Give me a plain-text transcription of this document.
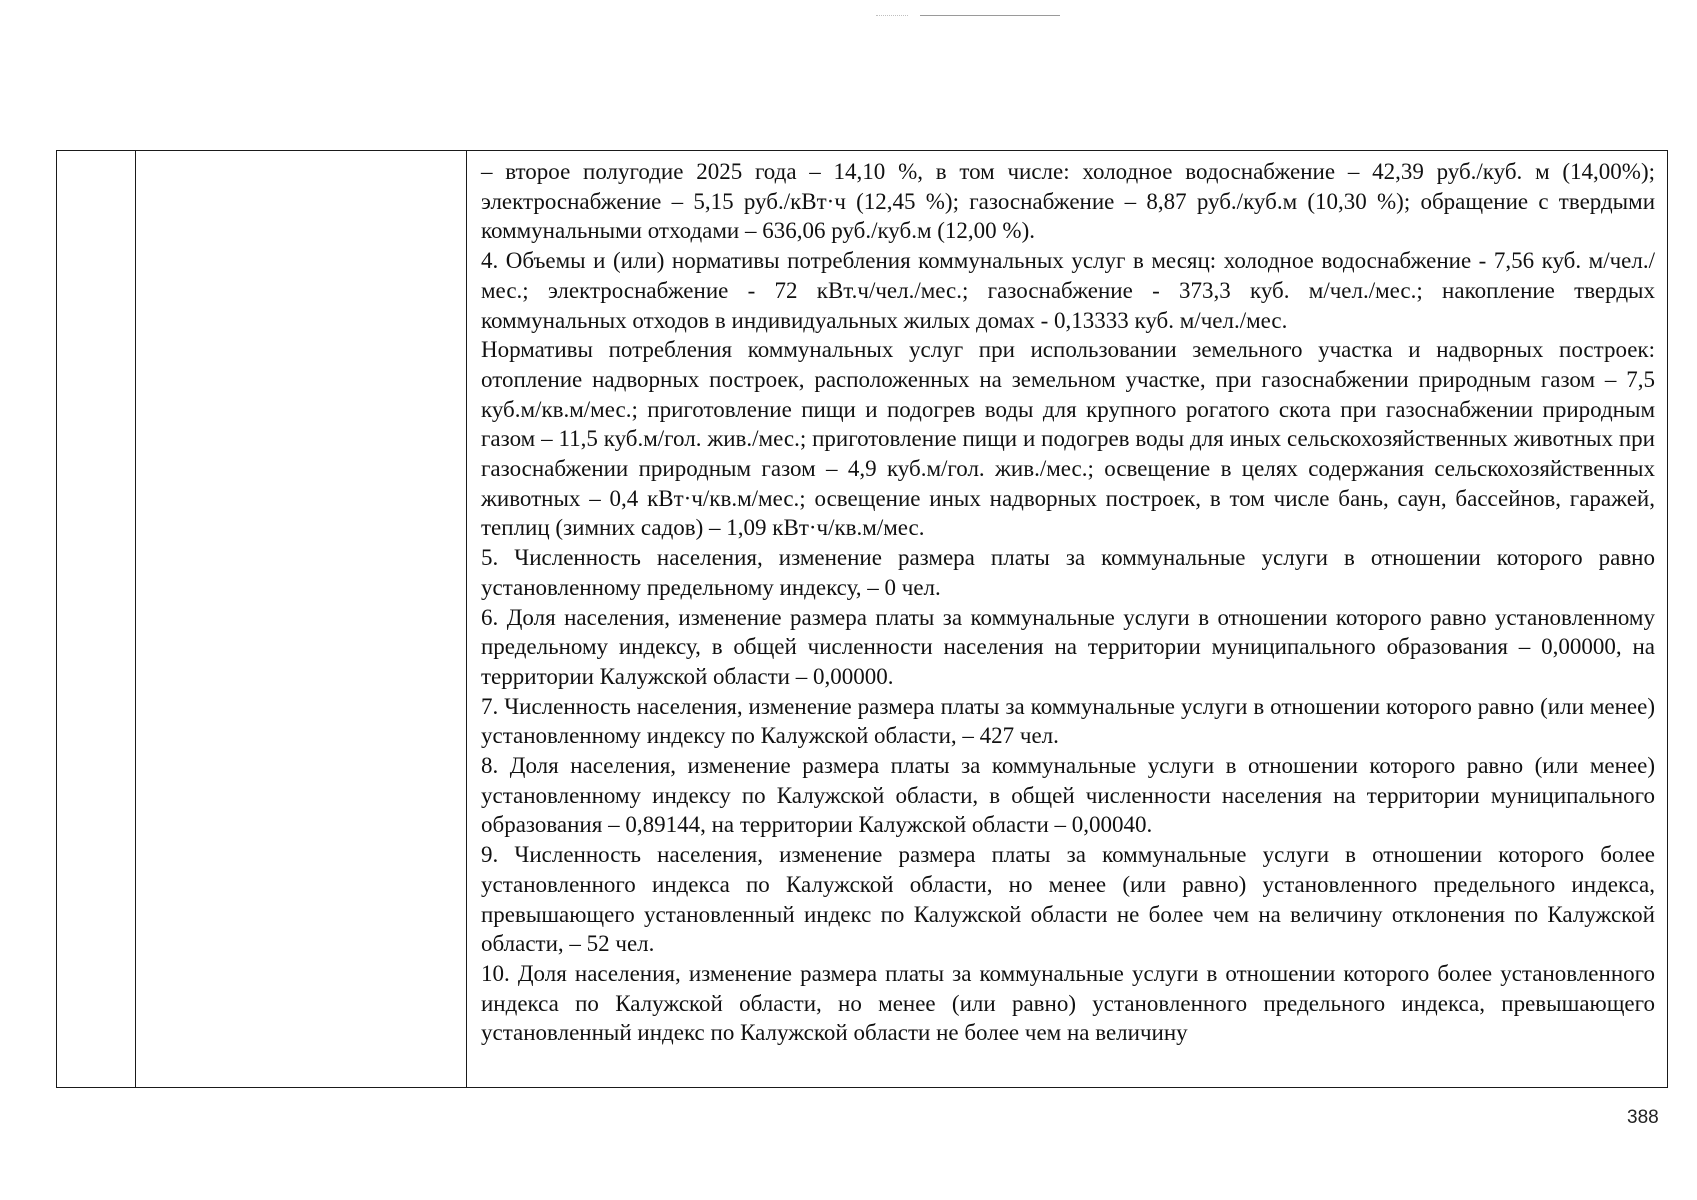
– второе полугодие 2025 года – 14,10 %, в том числе: холодное водоснабжение – 42,39 руб./куб. м (14,00%); электроснабжение – 5,15 руб./кВт·ч (12,45 %); газоснабжение – 8,87 руб./куб.м (10,30 %); обращение с твердыми коммунальными отходами – 636,06 руб./куб.м (12,00 %).

4. Объемы и (или) нормативы потребления коммунальных услуг в месяц: холодное водоснабжение - 7,56 куб. м/чел./мес.; электроснабжение - 72 кВт.ч/чел./мес.; газоснабжение - 373,3 куб. м/чел./мес.; накопление твердых коммунальных отходов в индивидуальных жилых домах - 0,13333 куб. м/чел./мес.

Нормативы потребления коммунальных услуг при использовании земельного участка и надворных построек: отопление надворных построек, расположенных на земельном участке, при газоснабжении природным газом – 7,5 куб.м/кв.м/мес.; приготовление пищи и подогрев воды для крупного рогатого скота при газоснабжении природным газом – 11,5 куб.м/гол. жив./мес.; приготовление пищи и подогрев воды для иных сельскохозяйственных животных при газоснабжении природным газом – 4,9 куб.м/гол. жив./мес.; освещение в целях содержания сельскохозяйственных животных – 0,4 кВт·ч/кв.м/мес.; освещение иных надворных построек, в том числе бань, саун, бассейнов, гаражей, теплиц (зимних садов) – 1,09 кВт·ч/кв.м/мес.

5. Численность населения, изменение размера платы за коммунальные услуги в отношении которого равно установленному предельному индексу, – 0 чел.

6. Доля населения, изменение размера платы за коммунальные услуги в отношении которого равно установленному предельному индексу, в общей численности населения на территории муниципального образования – 0,00000, на территории Калужской области – 0,00000.

7. Численность населения, изменение размера платы за коммунальные услуги в отношении которого равно (или менее) установленному индексу по Калужской области, – 427 чел.

8. Доля населения, изменение размера платы за коммунальные услуги в отношении которого равно (или менее) установленному индексу по Калужской области, в общей численности населения на территории муниципального образования – 0,89144, на территории Калужской области – 0,00040.

9. Численность населения, изменение размера платы за коммунальные услуги в отношении которого более установленного индекса по Калужской области, но менее (или равно) установленного предельного индекса, превышающего установленный индекс по Калужской области не более чем на величину отклонения по Калужской области, – 52 чел.

10. Доля населения, изменение размера платы за коммунальные услуги в отношении которого более установленного индекса по Калужской области, но менее (или равно) установленного предельного индекса, превышающего установленный индекс по Калужской области не более чем на величину

388
